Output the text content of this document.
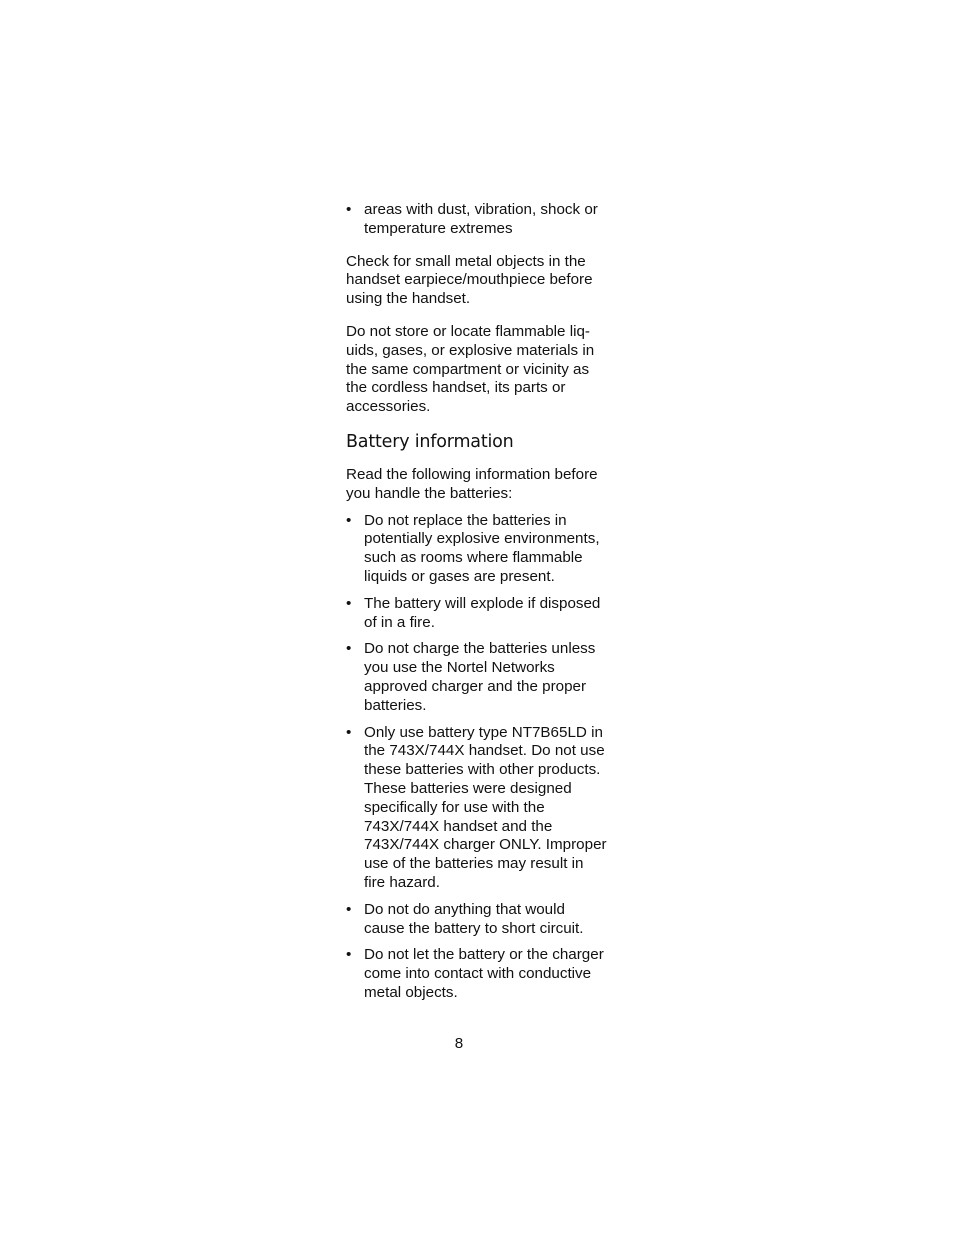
• areas with dust, vibration, shock or temperature extremes

Check for small metal objects in the handset earpiece/mouthpiece before using the handset.

Do not store or locate flammable liq-uids, gases, or explosive materials in the same compartment or vicinity as the cordless handset, its parts or accessories.

Battery information

Read the following information before you handle the batteries:

• Do not replace the batteries in potentially explosive environments, such as rooms where flammable liquids or gases are present.
• The battery will explode if disposed of in a fire.
• Do not charge the batteries unless you use the Nortel Networks approved charger and the proper batteries.
• Only use battery type NT7B65LD in the 743X/744X handset. Do not use these batteries with other products. These batteries were designed specifically for use with the 743X/744X handset and the 743X/744X charger ONLY. Improper use of the batteries may result in fire hazard.
• Do not do anything that would cause the battery to short circuit.
• Do not let the battery or the charger come into contact with conductive metal objects.
8
